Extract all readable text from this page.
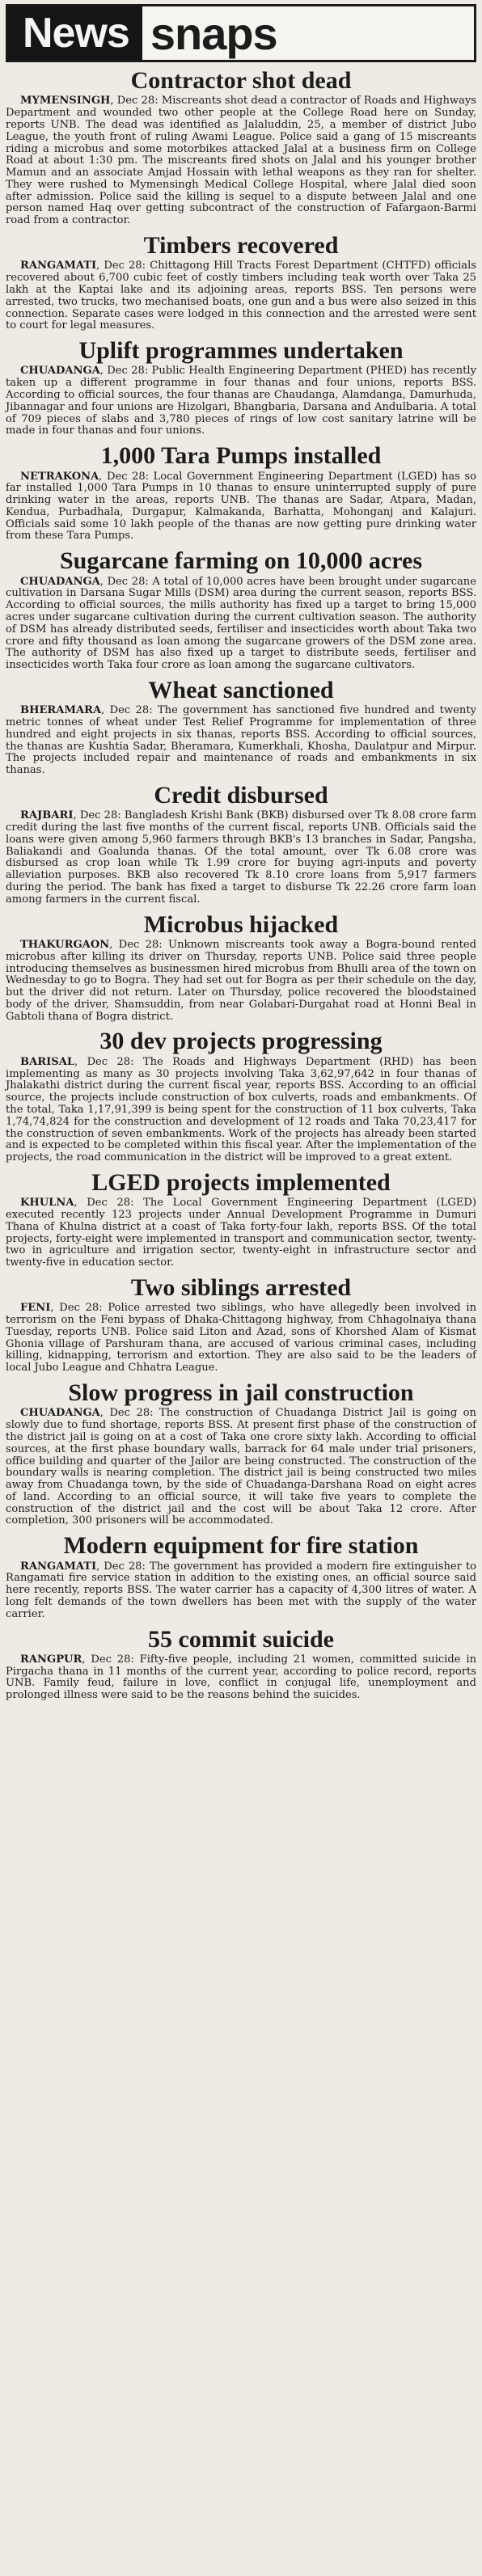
News snaps
Contractor shot dead

MYMENSINGH, Dec 28: Miscreants shot dead a contractor of Roads and Highways Department and wounded two other people at the College Road here on Sunday, reports UNB. The dead was identified as Jalaluddin, 25, a member of district Jubo League, the youth front of ruling Awami League. Police said a gang of 15 miscreants riding a microbus and some motorbikes attacked Jalal at a business firm on College Road at about 1:30 pm. The miscreants fired shots on Jalal and his younger brother Mamun and an associate Amjad Hossain with lethal weapons as they ran for shelter. They were rushed to Mymensingh Medical College Hospital, where Jalal died soon after admission. Police said the killing is sequel to a dispute between Jalal and one person named Haq over getting subcontract of the construction of Fafargaon-Barmi road from a contractor.

Timbers recovered

RANGAMATI, Dec 28: Chittagong Hill Tracts Forest Department (CHTFD) officials recovered about 6,700 cubic feet of costly timbers including teak worth over Taka 25 lakh at the Kaptai lake and its adjoining areas, reports BSS. Ten persons were arrested, two trucks, two mechanised boats, one gun and a bus were also seized in this connection. Separate cases were lodged in this connection and the arrested were sent to court for legal measures.

Uplift programmes undertaken

CHUADANGA, Dec 28: Public Health Engineering Department (PHED) has recently taken up a different programme in four thanas and four unions, reports BSS. According to official sources, the four thanas are Chaudanga, Alamdanga, Damurhuda, Jibannagar and four unions are Hizolgari, Bhangbaria, Darsana and Andulbaria. A total of 709 pieces of slabs and 3,780 pieces of rings of low cost sanitary latrine will be made in four thanas and four unions.

1,000 Tara Pumps installed

NETRAKONA, Dec 28: Local Government Engineering Department (LGED) has so far installed 1,000 Tara Pumps in 10 thanas to ensure uninterrupted supply of pure drinking water in the areas, reports UNB. The thanas are Sadar, Atpara, Madan, Kendua, Purbadhala, Durgapur, Kalmakanda, Barhatta, Mohonganj and Kalajuri. Officials said some 10 lakh people of the thanas are now getting pure drinking water from these Tara Pumps.

Sugarcane farming on 10,000 acres

CHUADANGA, Dec 28: A total of 10,000 acres have been brought under sugarcane cultivation in Darsana Sugar Mills (DSM) area during the current season, reports BSS. According to official sources, the mills authority has fixed up a target to bring 15,000 acres under sugarcane cultivation during the current cultivation season. The authority of DSM has already distributed seeds, fertiliser and insecticides worth about Taka two crore and fifty thousand as loan among the sugarcane growers of the DSM zone area. The authority of DSM has also fixed up a target to distribute seeds, fertiliser and insecticides worth Taka four crore as loan among the sugarcane cultivators.

Wheat sanctioned

BHERAMARA, Dec 28: The government has sanctioned five hundred and twenty metric tonnes of wheat under Test Relief Programme for implementation of three hundred and eight projects in six thanas, reports BSS. According to official sources, the thanas are Kushtia Sadar, Bheramara, Kumerkhali, Khosha, Daulatpur and Mirpur. The projects included repair and maintenance of roads and embankments in six thanas.

Credit disbursed

RAJBARI, Dec 28: Bangladesh Krishi Bank (BKB) disbursed over Tk 8.08 crore farm credit during the last five months of the current fiscal, reports UNB. Officials said the loans were given among 5,960 farmers through BKB's 13 branches in Sadar, Pangsha, Baliakandi and Goalunda thanas. Of the total amount, over Tk 6.08 crore was disbursed as crop loan while Tk 1.99 crore for buying agri-inputs and poverty alleviation purposes. BKB also recovered Tk 8.10 crore loans from 5,917 farmers during the period. The bank has fixed a target to disburse Tk 22.26 crore farm loan among farmers in the current fiscal.

Microbus hijacked

THAKURGAON, Dec 28: Unknown miscreants took away a Bogra-bound rented microbus after killing its driver on Thursday, reports UNB. Police said three people introducing themselves as businessmen hired microbus from Bhulli area of the town on Wednesday to go to Bogra. They had set out for Bogra as per their schedule on the day, but the driver did not return. Later on Thursday, police recovered the bloodstained body of the driver, Shamsuddin, from near Golabari-Durgahat road at Honni Beal in Gabtoli thana of Bogra district.

30 dev projects progressing

BARISAL, Dec 28: The Roads and Highways Department (RHD) has been implementing as many as 30 projects involving Taka 3,62,97,642 in four thanas of Jhalakathi district during the current fiscal year, reports BSS. According to an official source, the projects include construction of box culverts, roads and embankments. Of the total, Taka 1,17,91,399 is being spent for the construction of 11 box culverts, Taka 1,74,74,824 for the construction and development of 12 roads and Taka 70,23,417 for the construction of seven embankments. Work of the projects has already been started and is expected to be completed within this fiscal year. After the implementation of the projects, the road communication in the district will be improved to a great extent.

LGED projects implemented

KHULNA, Dec 28: The Local Government Engineering Department (LGED) executed recently 123 projects under Annual Development Programme in Dumuri Thana of Khulna district at a coast of Taka forty-four lakh, reports BSS. Of the total projects, forty-eight were implemented in transport and communication sector, twenty-two in agriculture and irrigation sector, twenty-eight in infrastructure sector and twenty-five in education sector.

Two siblings arrested

FENI, Dec 28: Police arrested two siblings, who have allegedly been involved in terrorism on the Feni bypass of Dhaka-Chittagong highway, from Chhagolnaiya thana Tuesday, reports UNB. Police said Liton and Azad, sons of Khorshed Alam of Kismat Ghonia village of Parshuram thana, are accused of various criminal cases, including killing, kidnapping, terrorism and extortion. They are also said to be the leaders of local Jubo League and Chhatra League.

Slow progress in jail construction

CHUADANGA, Dec 28: The construction of Chuadanga District Jail is going on slowly due to fund shortage, reports BSS. At present first phase of the construction of the district jail is going on at a cost of Taka one crore sixty lakh. According to official sources, at the first phase boundary walls, barrack for 64 male under trial prisoners, office building and quarter of the Jailor are being constructed. The construction of the boundary walls is nearing completion. The district jail is being constructed two miles away from Chuadanga town, by the side of Chuadanga-Darshana Road on eight acres of land. According to an official source, it will take five years to complete the construction of the district jail and the cost will be about Taka 12 crore. After completion, 300 prisoners will be accommodated.

Modern equipment for fire station

RANGAMATI, Dec 28: The government has provided a modern fire extinguisher to Rangamati fire service station in addition to the existing ones, an official source said here recently, reports BSS. The water carrier has a capacity of 4,300 litres of water. A long felt demands of the town dwellers has been met with the supply of the water carrier.

55 commit suicide

RANGPUR, Dec 28: Fifty-five people, including 21 women, committed suicide in Pirgacha thana in 11 months of the current year, according to police record, reports UNB. Family feud, failure in love, conflict in conjugal life, unemployment and prolonged illness were said to be the reasons behind the suicides.
